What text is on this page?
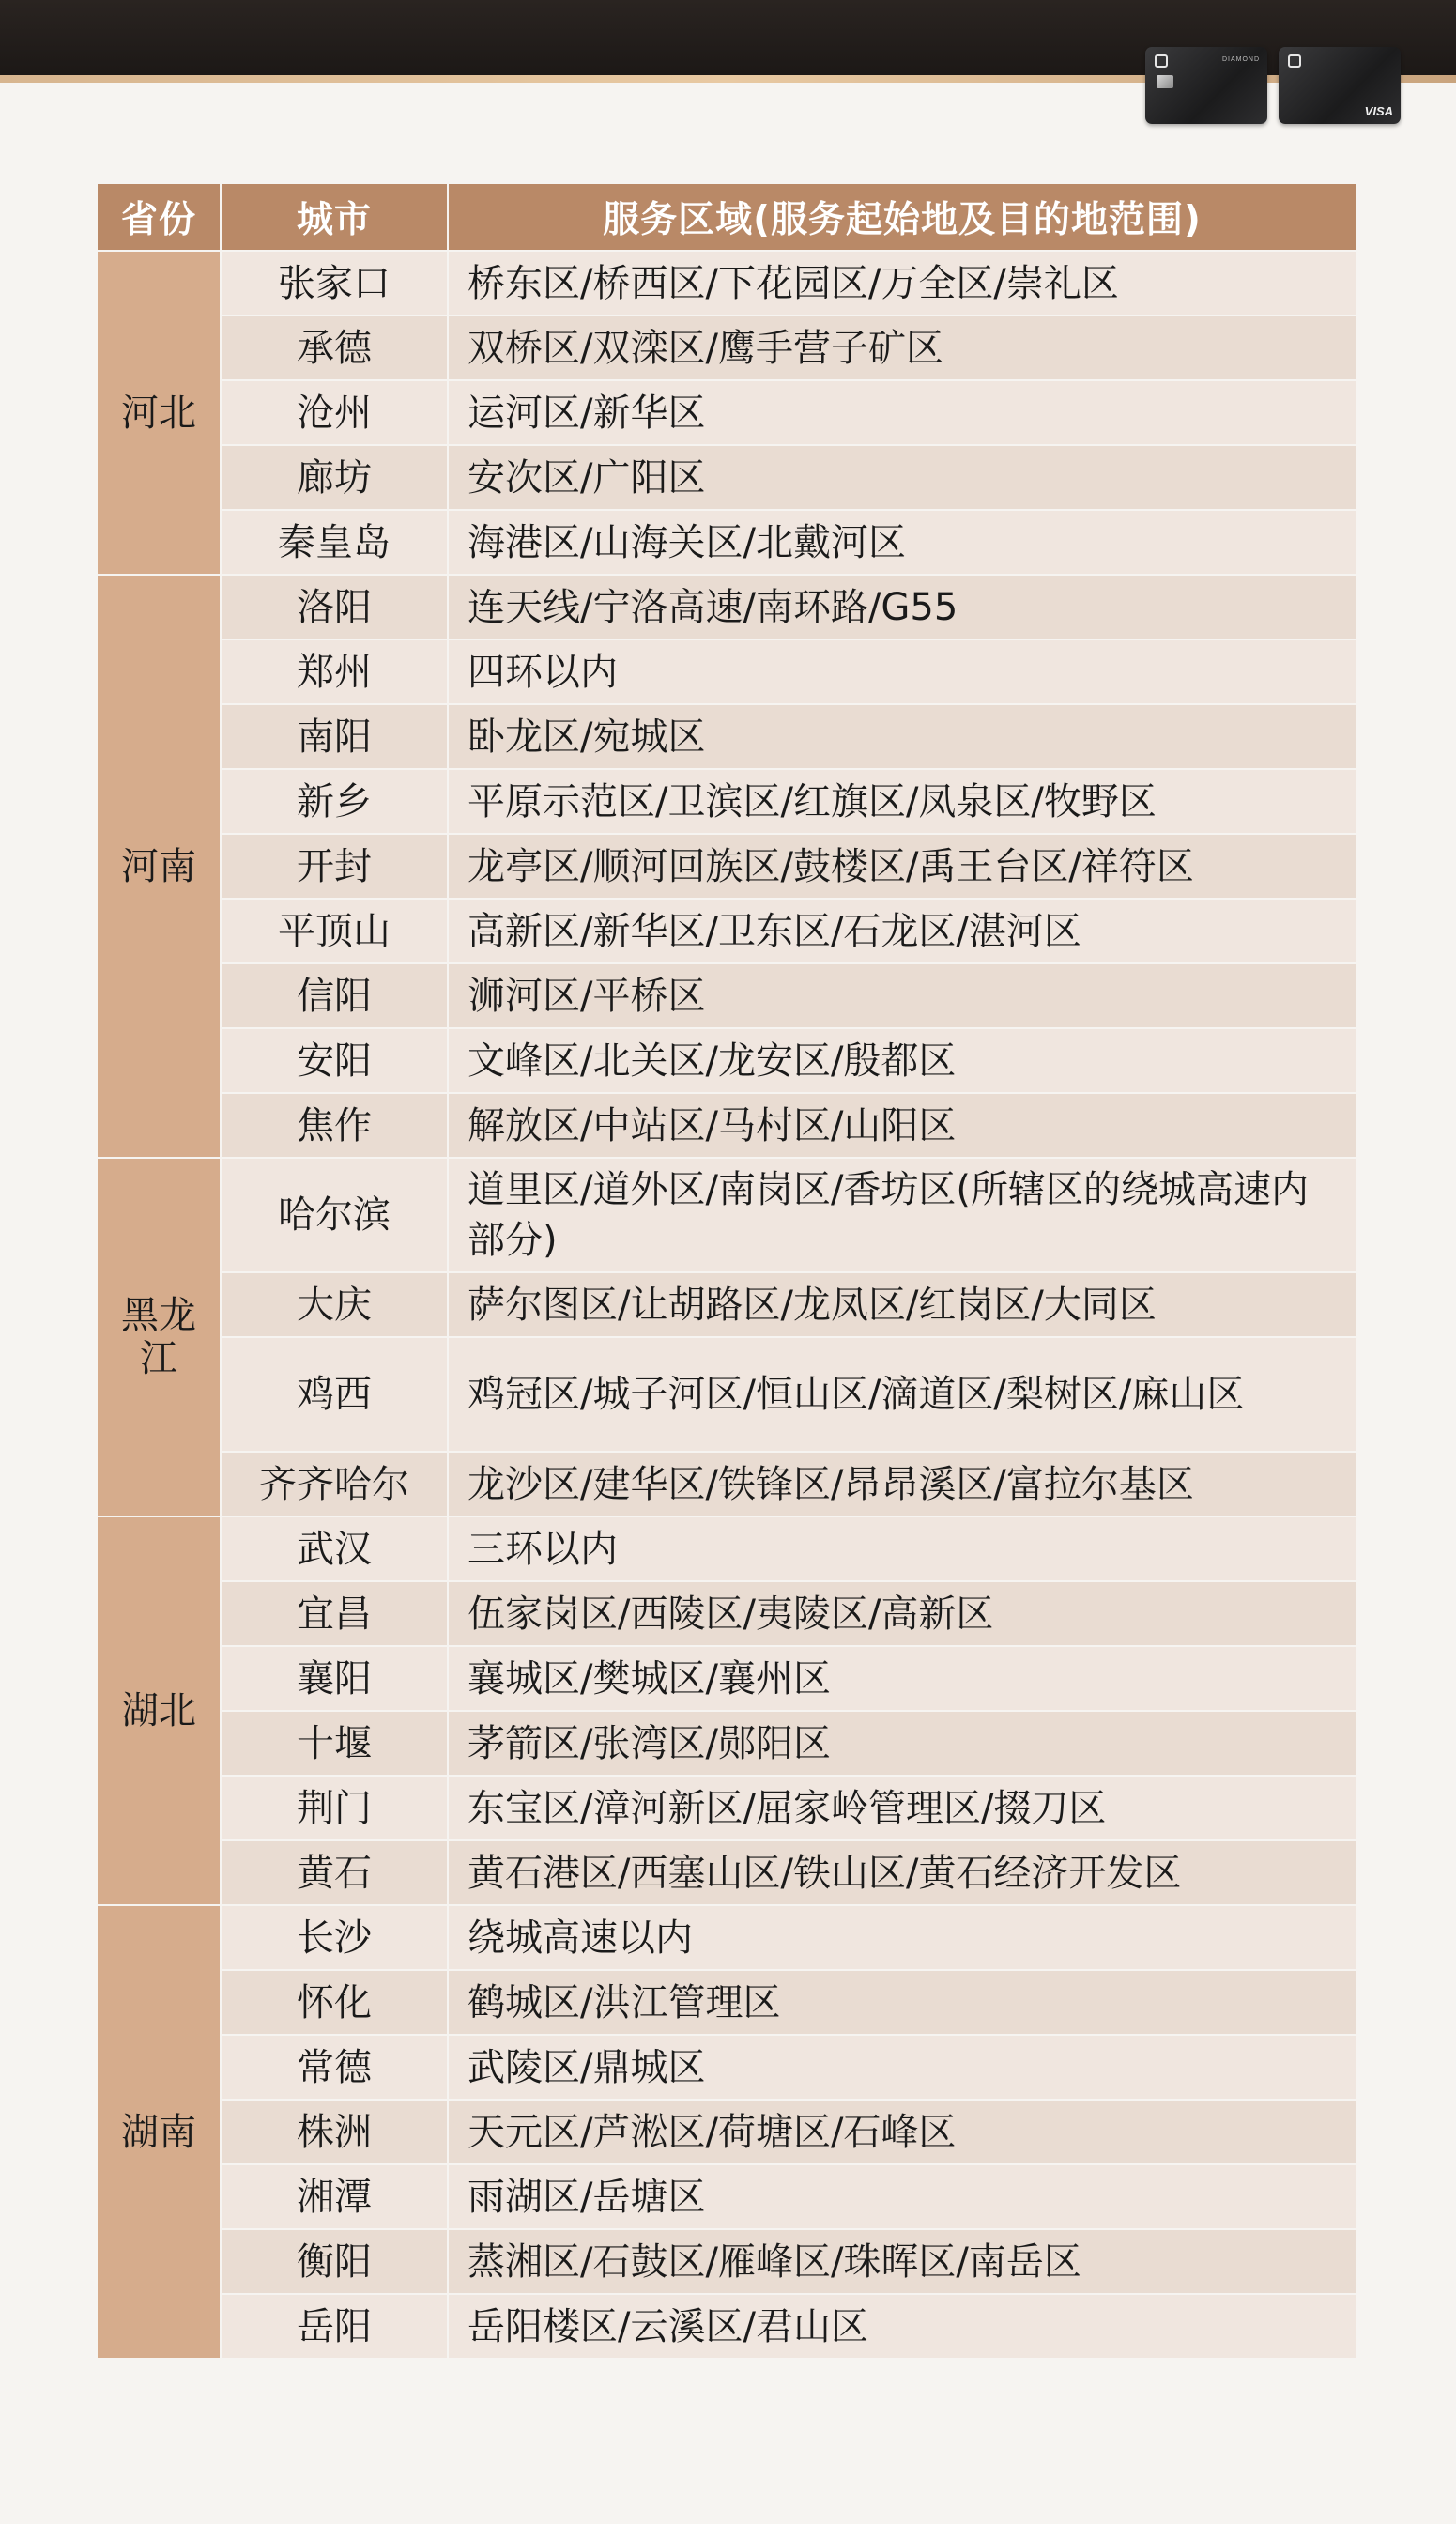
DIAMOND
VISA
省份	城市	服务区域(服务起始地及目的地范围)
河北	张家口	桥东区/桥西区/下花园区/万全区/崇礼区
	承德	双桥区/双滦区/鹰手营子矿区
	沧州	运河区/新华区
	廊坊	安次区/广阳区
	秦皇岛	海港区/山海关区/北戴河区
河南	洛阳	连天线/宁洛高速/南环路/G55
	郑州	四环以内
	南阳	卧龙区/宛城区
	新乡	平原示范区/卫滨区/红旗区/凤泉区/牧野区
	开封	龙亭区/顺河回族区/鼓楼区/禹王台区/祥符区
	平顶山	高新区/新华区/卫东区/石龙区/湛河区
	信阳	浉河区/平桥区
	安阳	文峰区/北关区/龙安区/殷都区
	焦作	解放区/中站区/马村区/山阳区
黑龙江	哈尔滨	道里区/道外区/南岗区/香坊区(所辖区的绕城高速内部分)
	大庆	萨尔图区/让胡路区/龙凤区/红岗区/大同区
	鸡西	鸡冠区/城子河区/恒山区/滴道区/梨树区/麻山区
	齐齐哈尔	龙沙区/建华区/铁锋区/昂昂溪区/富拉尔基区
湖北	武汉	三环以内
	宜昌	伍家岗区/西陵区/夷陵区/高新区
	襄阳	襄城区/樊城区/襄州区
	十堰	茅箭区/张湾区/郧阳区
	荆门	东宝区/漳河新区/屈家岭管理区/掇刀区
	黄石	黄石港区/西塞山区/铁山区/黄石经济开发区
湖南	长沙	绕城高速以内
	怀化	鹤城区/洪江管理区
	常德	武陵区/鼎城区
	株洲	天元区/芦淞区/荷塘区/石峰区
	湘潭	雨湖区/岳塘区
	衡阳	蒸湘区/石鼓区/雁峰区/珠晖区/南岳区
	岳阳	岳阳楼区/云溪区/君山区
